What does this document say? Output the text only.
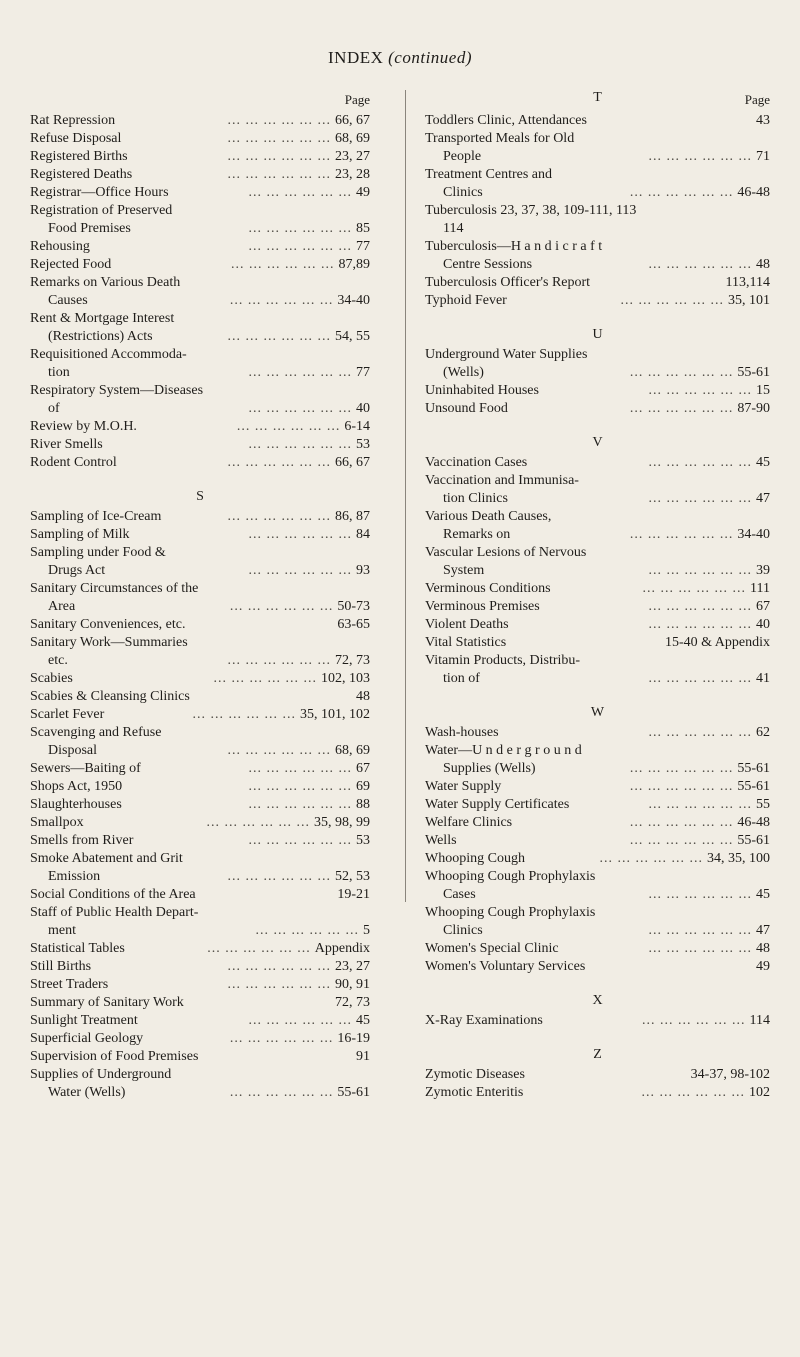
INDEX (continued)
Page
Rat Repression	... ... ... ... ... ... 66, 67
Refuse Disposal	... ... ... ... ... ... 68, 69
Registered Births	... ... ... ... ... ... 23, 27
Registered Deaths	... ... ... ... ... ... 23, 28
Registrar—Office Hours	... ... ... ... ... ... 49
Registration of Preserved
Food Premises	... ... ... ... ... ... 85
Rehousing	... ... ... ... ... ... 77
Rejected Food	... ... ... ... ... ... 87,89
Remarks on Various Death
Causes	... ... ... ... ... ... 34-40
Rent & Mortgage Interest
(Restrictions) Acts	... ... ... ... ... ... 54, 55
Requisitioned Accommoda-
tion	... ... ... ... ... ... 77
Respiratory System—Diseases
of	... ... ... ... ... ... 40
Review by M.O.H.	... ... ... ... ... ... 6-14
River Smells	... ... ... ... ... ... 53
Rodent Control	... ... ... ... ... ... 66, 67
S
Sampling of Ice-Cream	... ... ... ... ... ... 86, 87
Sampling of Milk	... ... ... ... ... ... 84
Sampling under Food &
Drugs Act	... ... ... ... ... ... 93
Sanitary Circumstances of the
Area	... ... ... ... ... ... 50-73
Sanitary Conveniences, etc.	63-65
Sanitary Work—Summaries
etc.	... ... ... ... ... ... 72, 73
Scabies	... ... ... ... ... ... 102, 103
Scabies & Cleansing Clinics	48
Scarlet Fever	... ... ... ... ... ... 35, 101, 102
Scavenging and Refuse
Disposal	... ... ... ... ... ... 68, 69
Sewers—Baiting of	... ... ... ... ... ... 67
Shops Act, 1950	... ... ... ... ... ... 69
Slaughterhouses	... ... ... ... ... ... 88
Smallpox	... ... ... ... ... ... 35, 98, 99
Smells from River	... ... ... ... ... ... 53
Smoke Abatement and Grit
Emission	... ... ... ... ... ... 52, 53
Social Conditions of the Area	19-21
Staff of Public Health Depart-
ment	... ... ... ... ... ... 5
Statistical Tables	... ... ... ... ... ... Appendix
Still Births	... ... ... ... ... ... 23, 27
Street Traders	... ... ... ... ... ... 90, 91
Summary of Sanitary Work	72, 73
Sunlight Treatment	... ... ... ... ... ... 45
Superficial Geology	... ... ... ... ... ... 16-19
Supervision of Food Premises	91
Supplies of Underground
Water (Wells)	... ... ... ... ... ... 55-61
T	Page
Toddlers Clinic, Attendances	43
Transported Meals for Old
People	... ... ... ... ... ... 71
Treatment Centres and
Clinics	... ... ... ... ... ... 46-48
Tuberculosis 23, 37, 38, 109-111, 113
114
Tuberculosis—H a n d i c r a f t
Centre Sessions	... ... ... ... ... ... 48
Tuberculosis Officer's Report	113,114
Typhoid Fever	... ... ... ... ... ... 35, 101
U
Underground Water Supplies
(Wells)	... ... ... ... ... ... 55-61
Uninhabited Houses	... ... ... ... ... ... 15
Unsound Food	... ... ... ... ... ... 87-90
V
Vaccination Cases	... ... ... ... ... ... 45
Vaccination and Immunisa-
tion Clinics	... ... ... ... ... ... 47
Various Death Causes,
Remarks on	... ... ... ... ... ... 34-40
Vascular Lesions of Nervous
System	... ... ... ... ... ... 39
Verminous Conditions	... ... ... ... ... ... 111
Verminous Premises	... ... ... ... ... ... 67
Violent Deaths	... ... ... ... ... ... 40
Vital Statistics	15-40 & Appendix
Vitamin Products, Distribu-
tion of	... ... ... ... ... ... 41
W
Wash-houses	... ... ... ... ... ... 62
Water—U n d e r g r o u n d
Supplies (Wells)	... ... ... ... ... ... 55-61
Water Supply	... ... ... ... ... ... 55-61
Water Supply Certificates	... ... ... ... ... ... 55
Welfare Clinics	... ... ... ... ... ... 46-48
Wells	... ... ... ... ... ... 55-61
Whooping Cough	... ... ... ... ... ... 34, 35, 100
Whooping Cough Prophylaxis
Cases	... ... ... ... ... ... 45
Whooping Cough Prophylaxis
Clinics	... ... ... ... ... ... 47
Women's Special Clinic	... ... ... ... ... ... 48
Women's Voluntary Services	49
X
X-Ray Examinations	... ... ... ... ... ... 114
Z
Zymotic Diseases	34-37, 98-102
Zymotic Enteritis	... ... ... ... ... ... 102
